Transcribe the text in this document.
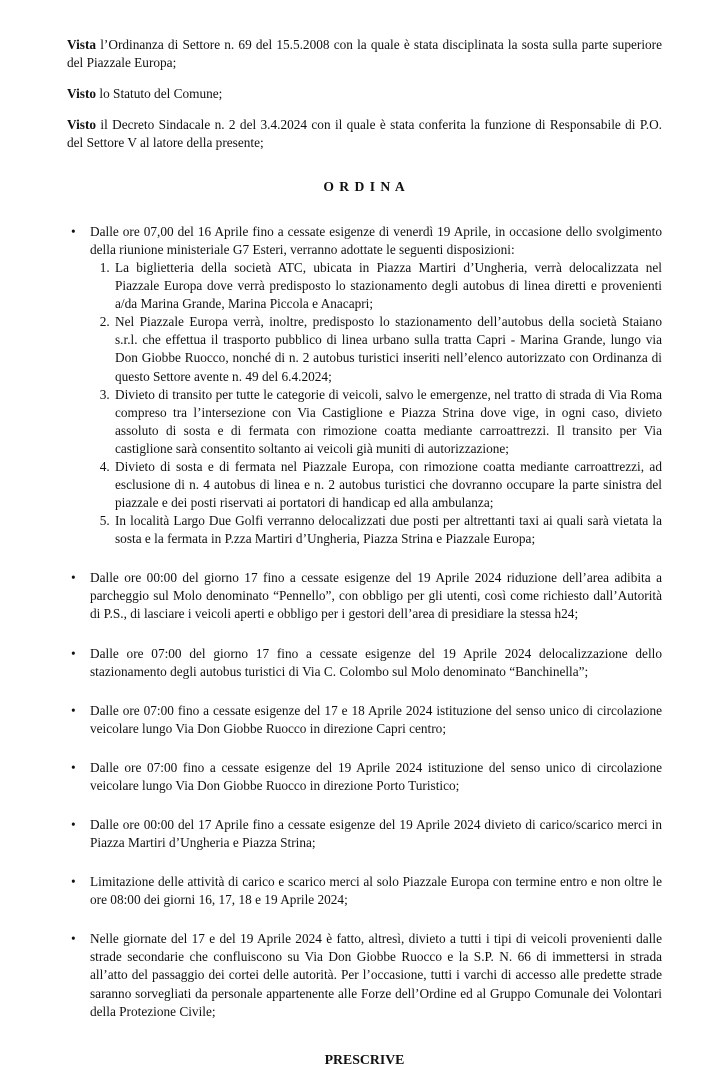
Vista l’Ordinanza di Settore n. 69 del 15.5.2008 con la quale è stata disciplinata la sosta sulla parte superiore del Piazzale Europa;

Visto lo Statuto del Comune;

Visto il Decreto Sindacale n. 2 del 3.4.2024 con il quale è stata conferita la funzione di Responsabile di P.O. del Settore V al latore della presente;

O R D I N A
• Dalle ore 07,00 del 16 Aprile fino a cessate esigenze di venerdì 19 Aprile, in occasione dello svolgimento della riunione ministeriale G7 Esteri, verranno adottate le seguenti disposizioni:
1. La biglietteria della società ATC, ubicata in Piazza Martiri d’Ungheria, verrà delocalizzata nel Piazzale Europa dove verrà predisposto lo stazionamento degli autobus di linea diretti e provenienti a/da Marina Grande, Marina Piccola e Anacapri;
2. Nel Piazzale Europa verrà, inoltre, predisposto lo stazionamento dell’autobus della società Staiano s.r.l. che effettua il trasporto pubblico di linea urbano sulla tratta Capri - Marina Grande, lungo via Don Giobbe Ruocco, nonché di n. 2 autobus turistici inseriti nell’elenco autorizzato con Ordinanza di questo Settore avente n. 49 del 6.4.2024;
3. Divieto di transito per tutte le categorie di veicoli, salvo le emergenze, nel tratto di strada di Via Roma compreso tra l’intersezione con Via Castiglione e Piazza Strina dove vige, in ogni caso, divieto assoluto di sosta e di fermata con rimozione coatta mediante carroattrezzi. Il transito per Via castiglione sarà consentito soltanto ai veicoli già muniti di autorizzazione;
4. Divieto di sosta e di fermata nel Piazzale Europa, con rimozione coatta mediante carroattrezzi, ad esclusione di n. 4 autobus di linea e n. 2 autobus turistici che dovranno occupare la parte sinistra del piazzale e dei posti riservati ai portatori di handicap ed alla ambulanza;
5. In località Largo Due Golfi verranno delocalizzati due posti per altrettanti taxi ai quali sarà vietata la sosta e la fermata in P.zza Martiri d’Ungheria, Piazza Strina e Piazzale Europa;
• Dalle ore 00:00 del giorno 17 fino a cessate esigenze del 19 Aprile 2024 riduzione dell’area adibita a parcheggio sul Molo denominato “Pennello”, con obbligo per gli utenti, così come richiesto dall’Autorità di P.S., di lasciare i veicoli aperti e obbligo per i gestori dell’area di presidiare la stessa h24;
• Dalle ore 07:00 del giorno 17 fino a cessate esigenze del 19 Aprile 2024 delocalizzazione dello stazionamento degli autobus turistici di Via C. Colombo sul Molo denominato “Banchinella”;
• Dalle ore 07:00 fino a cessate esigenze del 17 e 18 Aprile 2024 istituzione del senso unico di circolazione veicolare lungo Via Don Giobbe Ruocco in direzione Capri centro;
• Dalle ore 07:00 fino a cessate esigenze del 19 Aprile 2024 istituzione del senso unico di circolazione veicolare lungo Via Don Giobbe Ruocco in direzione Porto Turistico;
• Dalle ore 00:00 del 17 Aprile fino a cessate esigenze del 19 Aprile 2024 divieto di carico/scarico merci in Piazza Martiri d’Ungheria e Piazza Strina;
• Limitazione delle attività di carico e scarico merci al solo Piazzale Europa con termine entro e non oltre le ore 08:00 dei giorni 16, 17, 18 e 19 Aprile 2024;
• Nelle giornate del 17 e del 19 Aprile 2024 è fatto, altresì, divieto a tutti i tipi di veicoli provenienti dalle strade secondarie che confluiscono su Via Don Giobbe Ruocco e la S.P. N. 66 di immettersi in strada all’atto del passaggio dei cortei delle autorità. Per l’occasione, tutti i varchi di accesso alle predette strade saranno sorvegliati da personale appartenente alle Forze dell’Ordine ed al Gruppo Comunale dei Volontari della Protezione Civile;
PRESCRIVE
